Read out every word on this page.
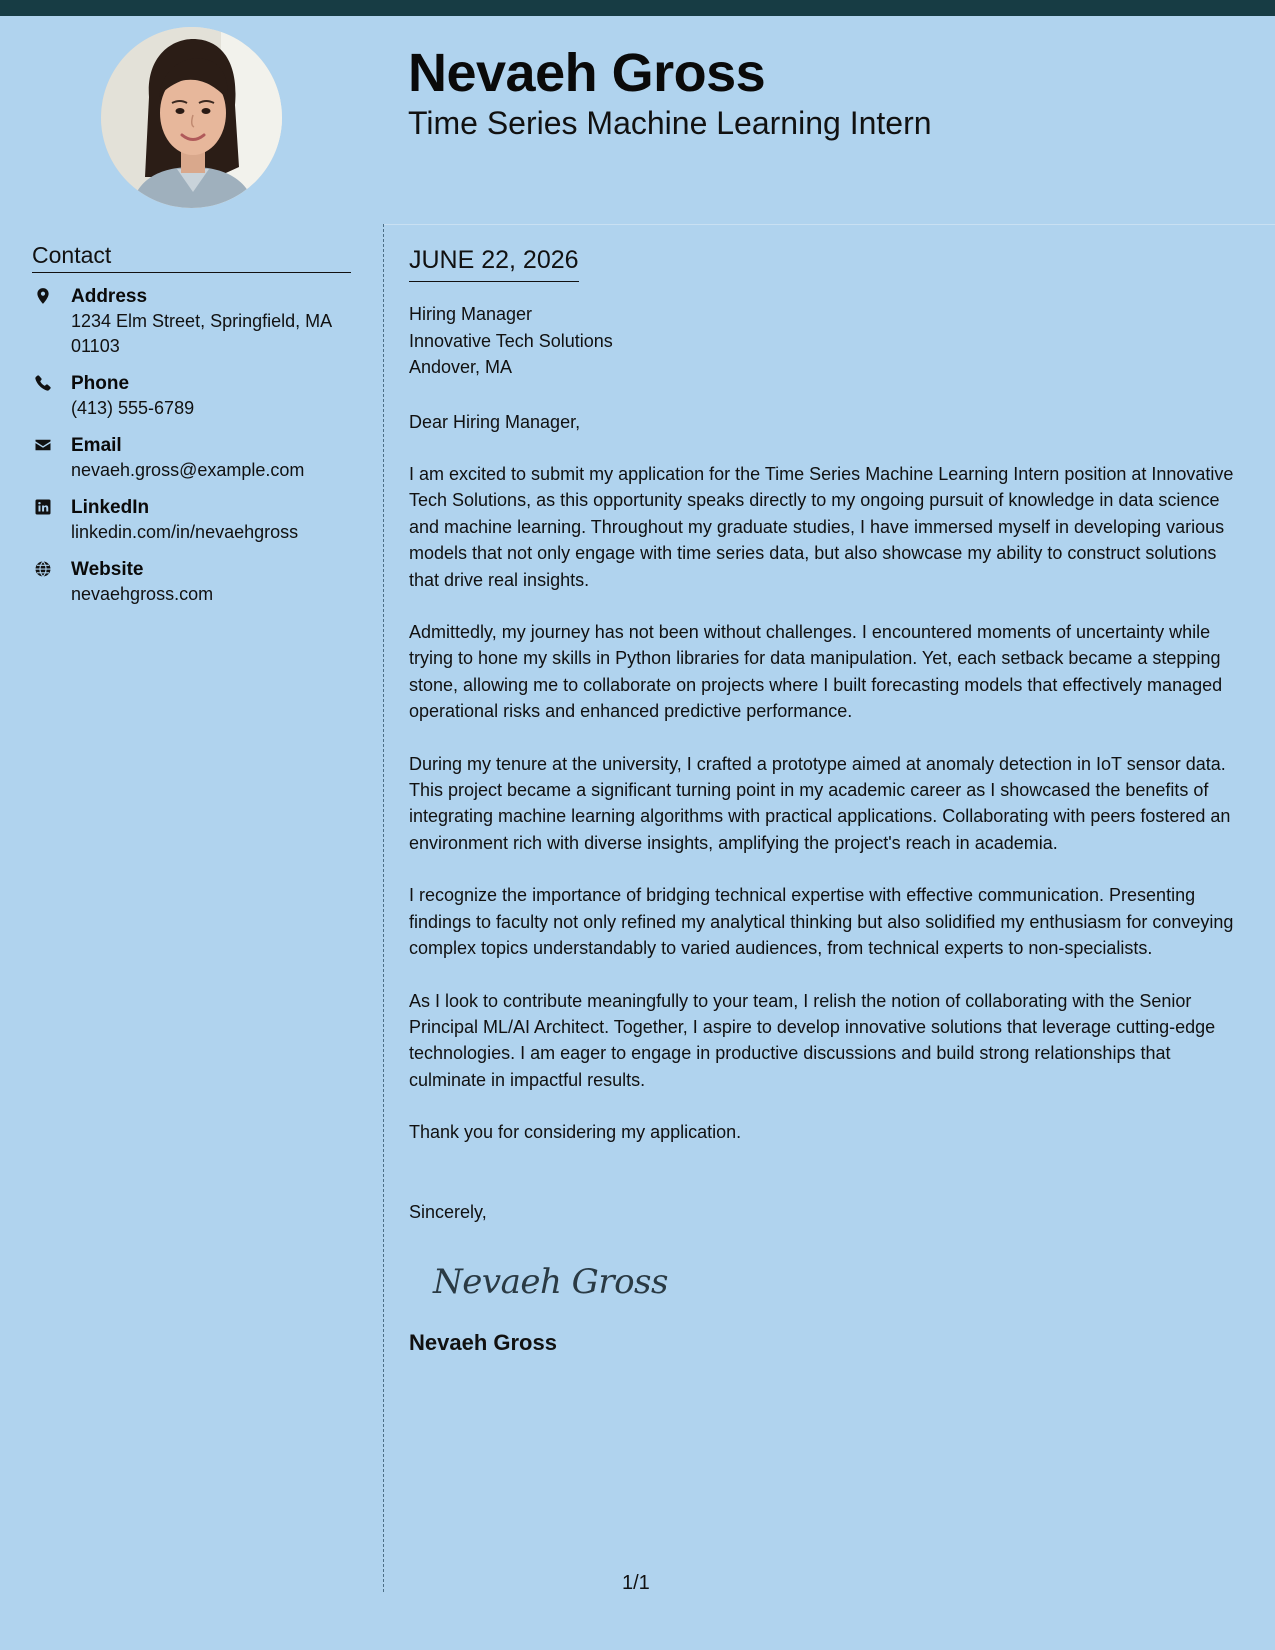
Nevaeh Gross
Time Series Machine Learning Intern
Contact
Address
1234 Elm Street, Springfield, MA 01103
Phone
(413) 555-6789
Email
nevaeh.gross@example.com
LinkedIn
linkedin.com/in/nevaehgross
Website
nevaehgross.com
JUNE 22, 2026
Hiring Manager
Innovative Tech Solutions
Andover, MA
Dear Hiring Manager,

I am excited to submit my application for the Time Series Machine Learning Intern position at Innovative Tech Solutions, as this opportunity speaks directly to my ongoing pursuit of knowledge in data science and machine learning. Throughout my graduate studies, I have immersed myself in developing various models that not only engage with time series data, but also showcase my ability to construct solutions that drive real insights.

Admittedly, my journey has not been without challenges. I encountered moments of uncertainty while trying to hone my skills in Python libraries for data manipulation. Yet, each setback became a stepping stone, allowing me to collaborate on projects where I built forecasting models that effectively managed operational risks and enhanced predictive performance.

During my tenure at the university, I crafted a prototype aimed at anomaly detection in IoT sensor data. This project became a significant turning point in my academic career as I showcased the benefits of integrating machine learning algorithms with practical applications. Collaborating with peers fostered an environment rich with diverse insights, amplifying the project's reach in academia.

I recognize the importance of bridging technical expertise with effective communication. Presenting findings to faculty not only refined my analytical thinking but also solidified my enthusiasm for conveying complex topics understandably to varied audiences, from technical experts to non-specialists.

As I look to contribute meaningfully to your team, I relish the notion of collaborating with the Senior Principal ML/AI Architect. Together, I aspire to develop innovative solutions that leverage cutting-edge technologies. I am eager to engage in productive discussions and build strong relationships that culminate in impactful results.

Thank you for considering my application.

Sincerely,
Nevaeh Gross
Nevaeh Gross
1/1
